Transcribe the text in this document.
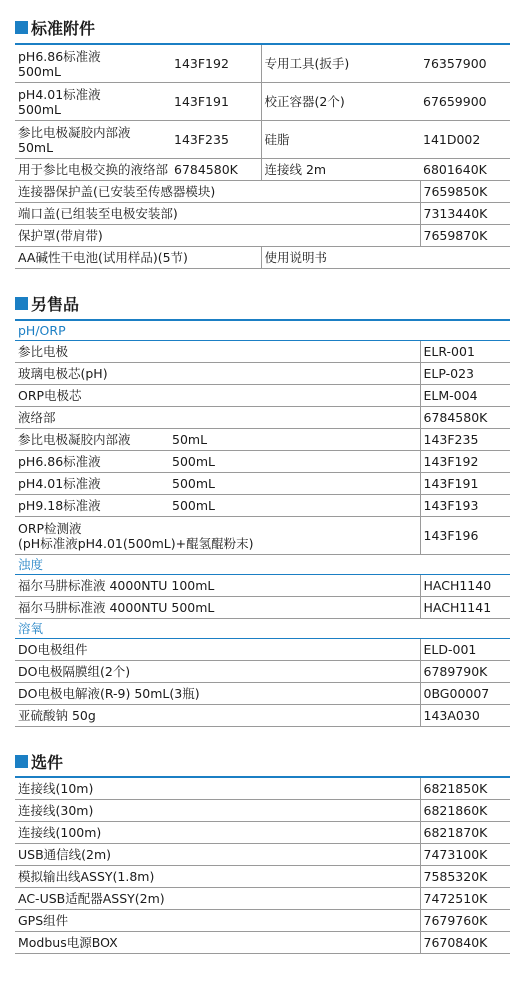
标准附件
pH6.86标准液
500mL	143F192	专用工具(扳手)	76357900

pH4.01标准液
500mL	143F191	校正容器(2个)	67659900

参比电极凝胶内部液
50mL	143F235	硅脂	141D002

用于参比电极交换的液络部	6784580K	连接线 2m	6801640K
连接器保护盖(已安装至传感器模块)			7659850K
端口盖(已组装至电极安装部)			7313440K
保护罩(带肩带)			7659870K
AA碱性干电池(试用样品)(5节)		使用说明书	
另售品
pH/ORP		
参比电极		ELR-001
玻璃电极芯(pH)		ELP-023
ORP电极芯		ELM-004
液络部		6784580K
参比电极凝胶内部液	50mL	143F235
pH6.86标准液	500mL	143F192
pH4.01标准液	500mL	143F191
pH9.18标准液	500mL	143F193

ORP检测液
(pH标准液pH4.01(500mL)+醌氢醌粉末)		143F196
浊度		
福尔马肼标准液 4000NTU 100mL		HACH1140
福尔马肼标准液 4000NTU 500mL		HACH1141
溶氧		
DO电极组件		ELD-001
DO电极隔膜组(2个)		6789790K
DO电极电解液(R-9) 50mL(3瓶)		0BG00007
亚硫酸钠 50g		143A030
选件
连接线(10m)	6821850K
连接线(30m)	6821860K
连接线(100m)	6821870K
USB通信线(2m)	7473100K
模拟输出线ASSY(1.8m)	7585320K
AC-USB适配器ASSY(2m)	7472510K
GPS组件	7679760K
Modbus电源BOX	7670840K
